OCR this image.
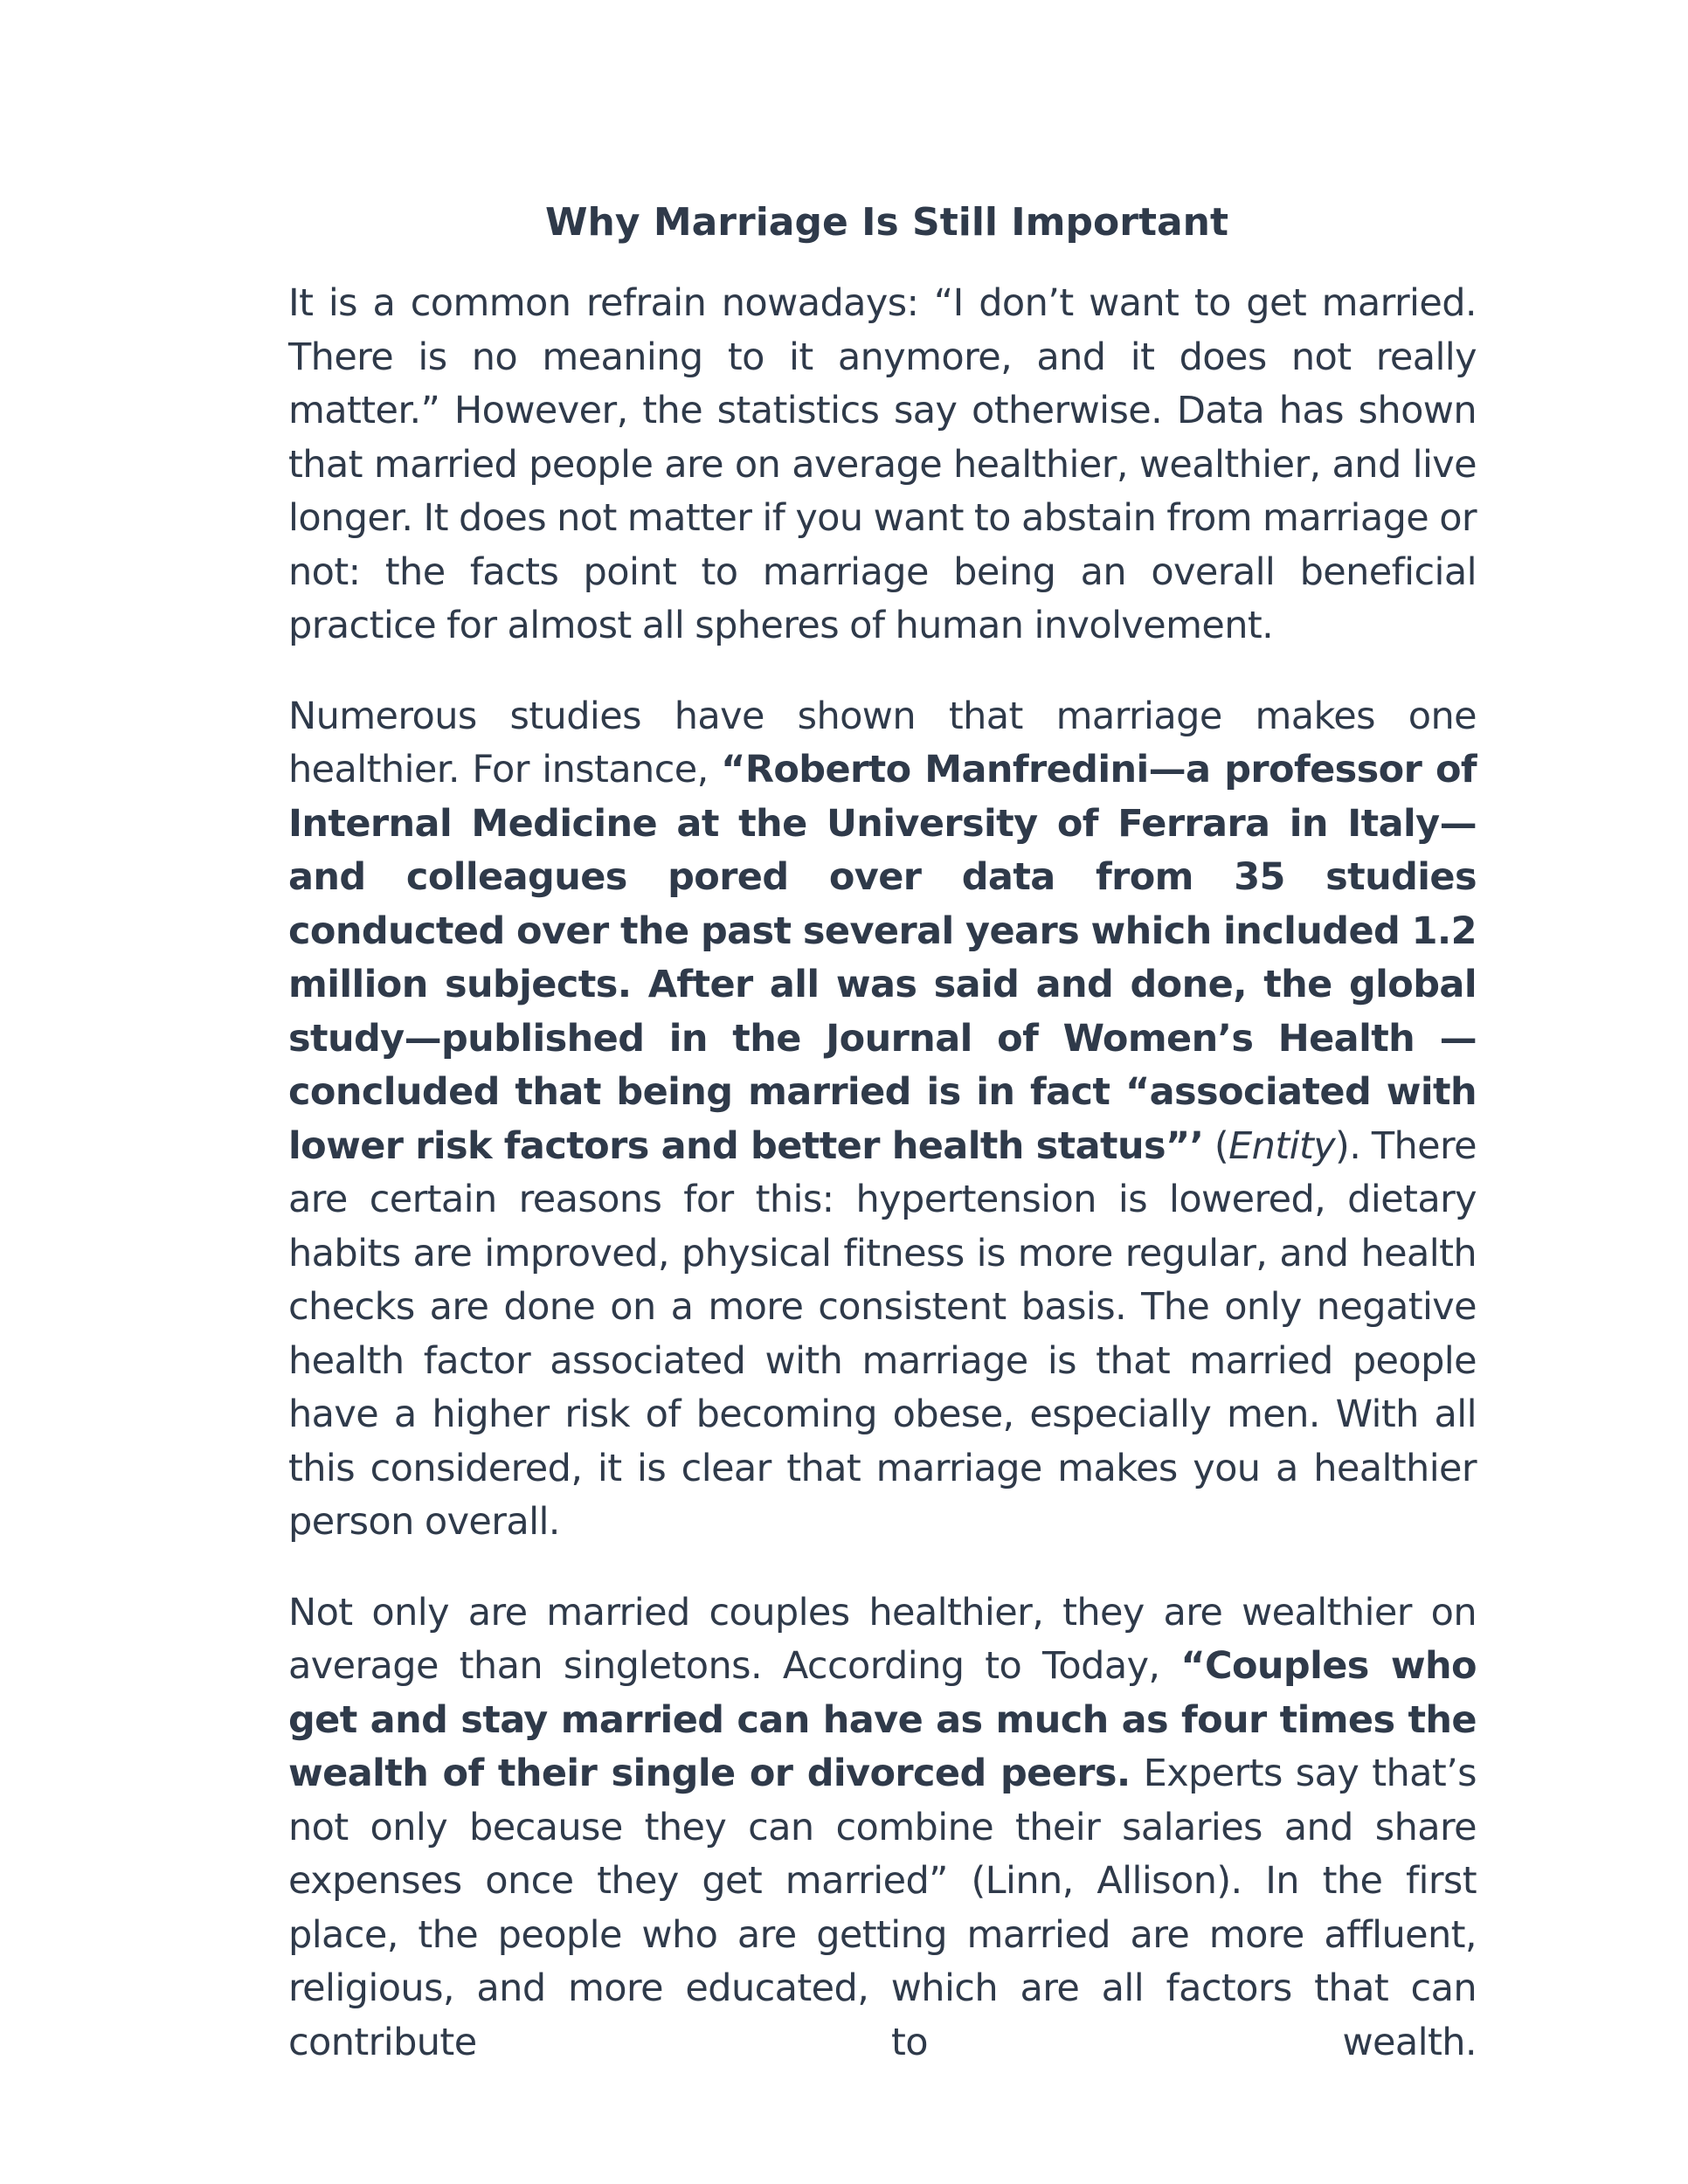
Why Marriage Is Still Important

It is a common refrain nowadays: “I don’t want to get married. There is no meaning to it anymore, and it does not really matter.” However, the statistics say otherwise. Data has shown that married people are on average healthier, wealthier, and live longer. It does not matter if you want to abstain from marriage or not: the facts point to marriage being an overall beneficial practice for almost all spheres of human involvement.

Numerous studies have shown that marriage makes one healthier. For instance, “Roberto Manfredini—a professor of Internal Medicine at the University of Ferrara in Italy—and colleagues pored over data from 35 studies conducted over the past several years which included 1.2 million subjects. After all was said and done, the global study—published in the Journal of Women’s Health —concluded that being married is in fact “associated with lower risk factors and better health status”’ (Entity). There are certain reasons for this: hypertension is lowered, dietary habits are improved, physical fitness is more regular, and health checks are done on a more consistent basis. The only negative health factor associated with marriage is that married people have a higher risk of becoming obese, especially men. With all this considered, it is clear that marriage makes you a healthier person overall.

Not only are married couples healthier, they are wealthier on average than singletons. According to Today, “Couples who get and stay married can have as much as four times the wealth of their single or divorced peers. Experts say that’s not only because they can combine their salaries and share expenses once they get married” (Linn, Allison). In the first place, the people who are getting married are more affluent, religious, and more educated, which are all factors that can contribute to wealth.
